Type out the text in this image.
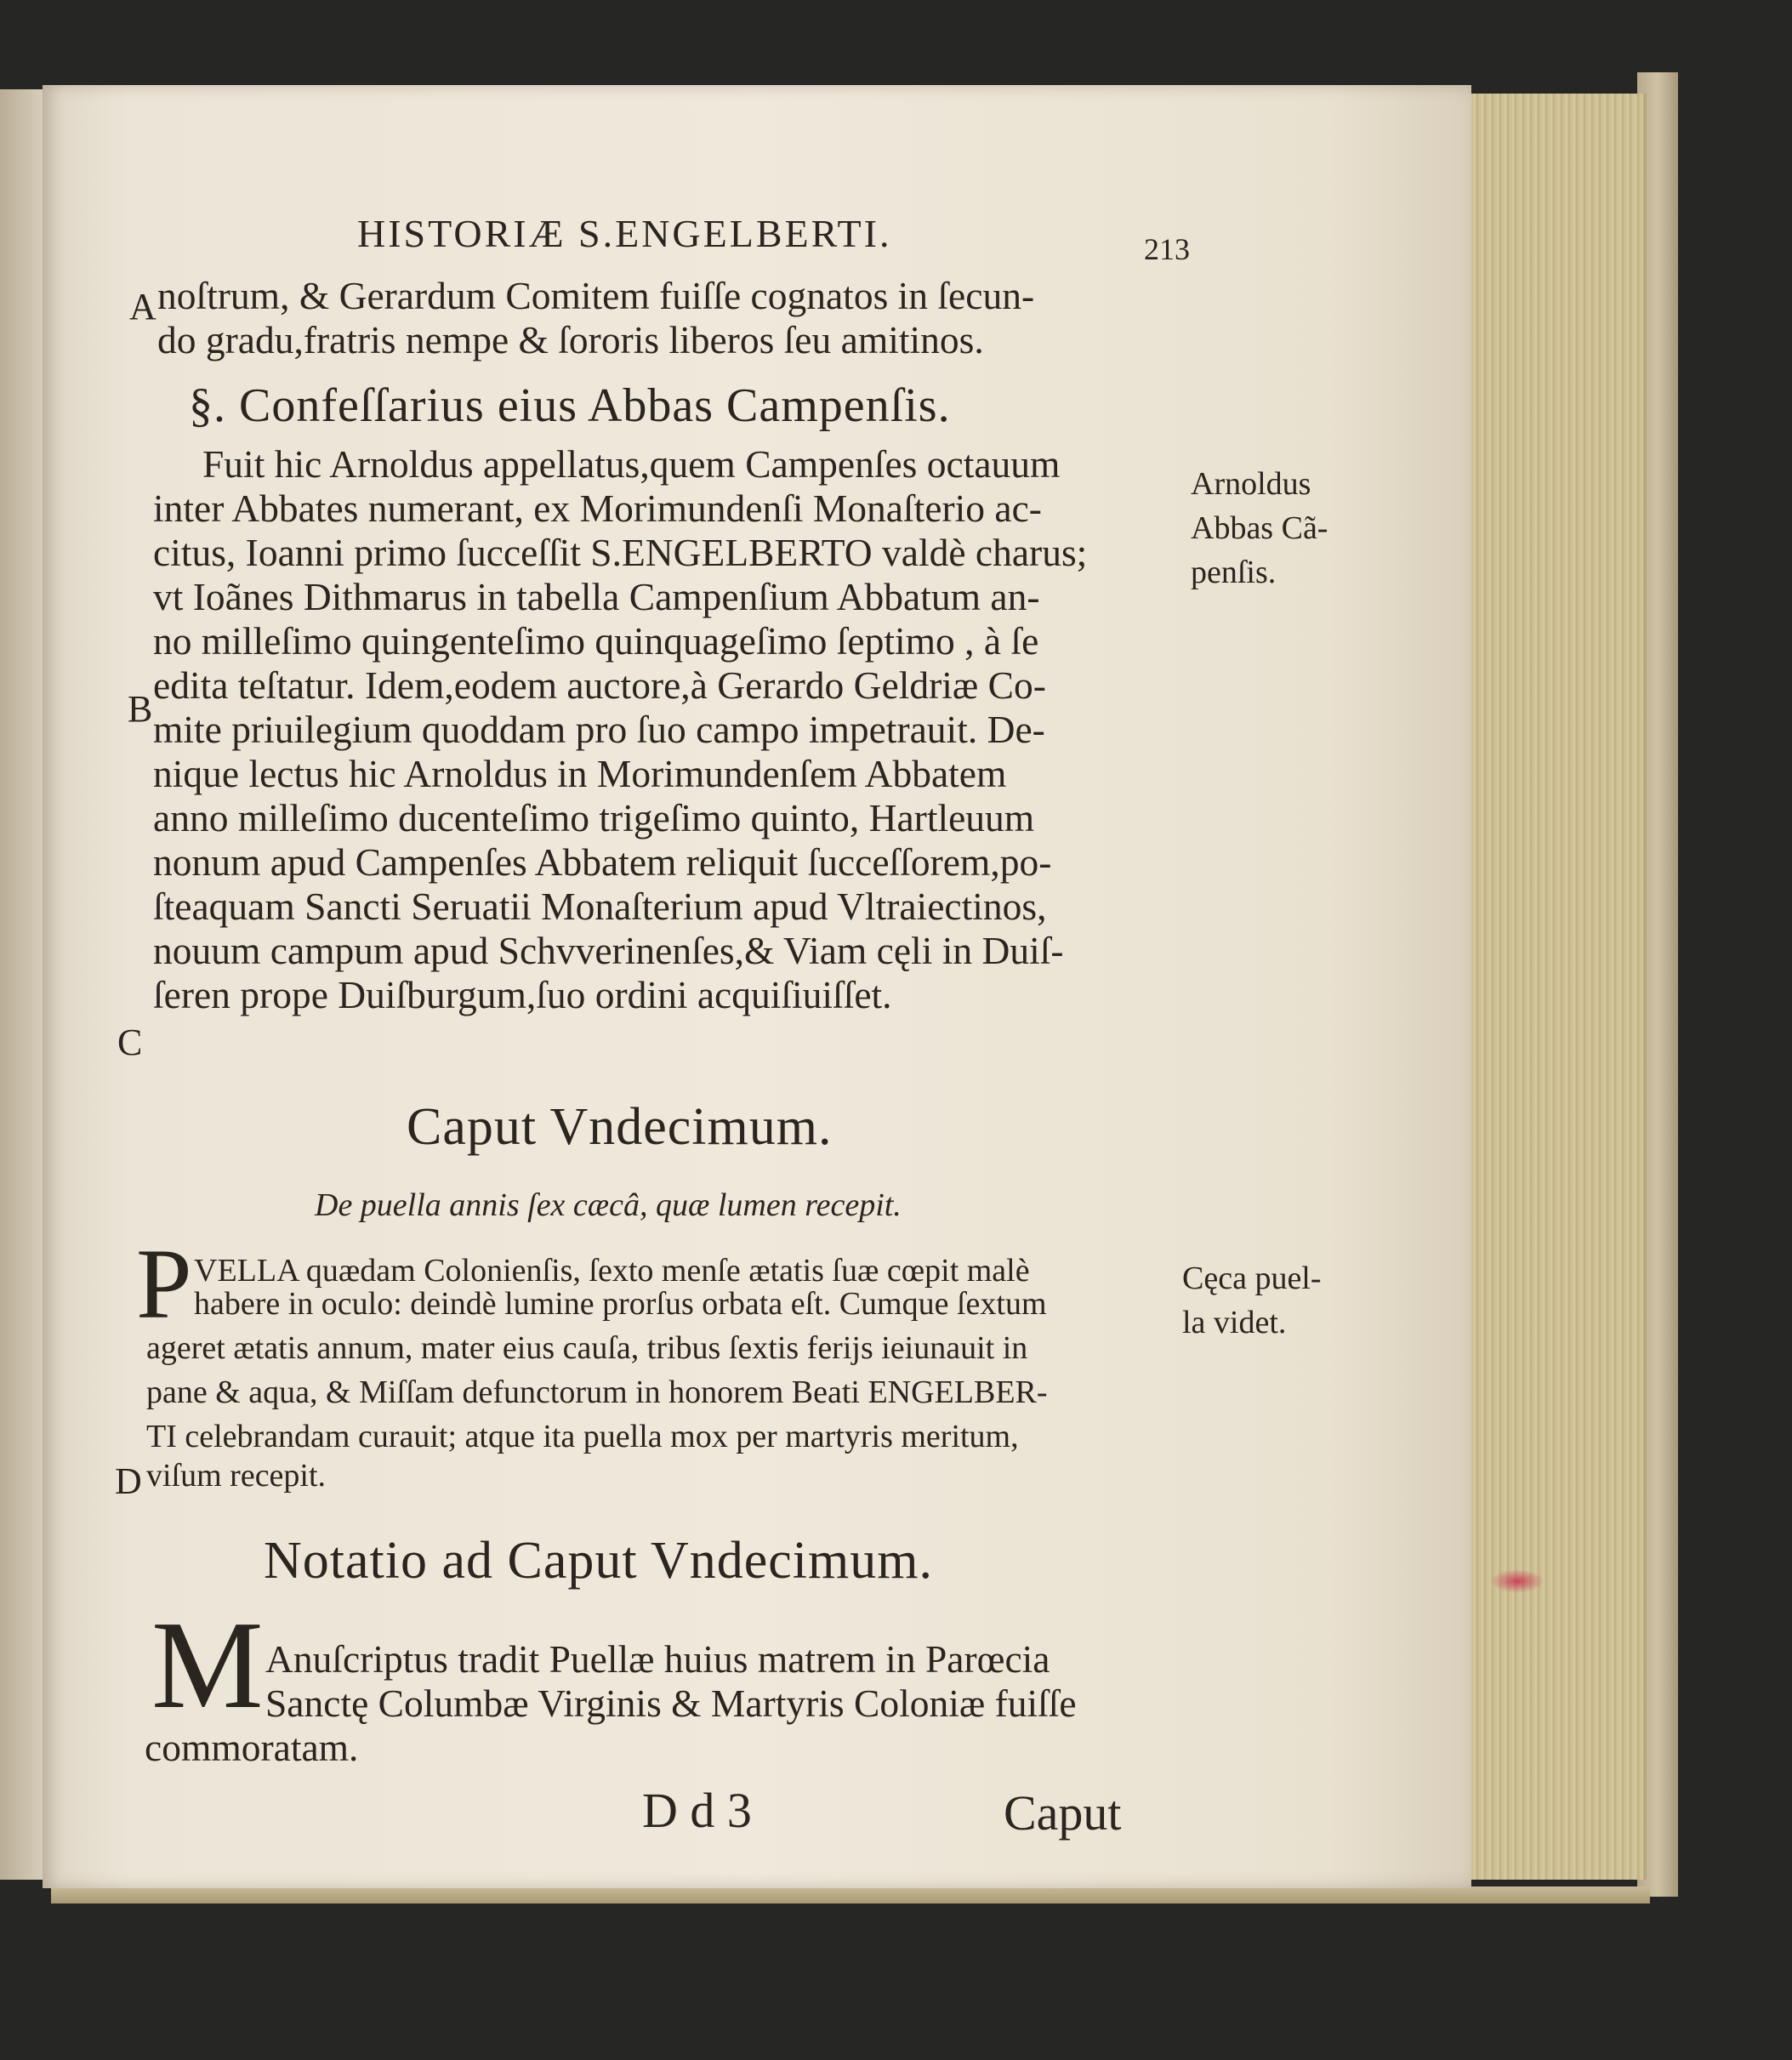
HISTORIÆ S.ENGELBERTI.	213
A noſtrum, & Gerardum Comitem fuiſſe cognatos in ſecun-
do gradu,fratris nempe & ſororis liberos ſeu amitinos.
§. Confeſſarius eius Abbas Campenſis.
Fuit hic Arnoldus appellatus,quem Campenſes octauum
inter Abbates numerant, ex Morimundenſi Monaſterio ac-
citus, Ioanni primo ſucceſſit S.ENGELBERTO valdè charus;
vt Ioãnes Dithmarus in tabella Campenſium Abbatum an-
no milleſimo quingenteſimo quinquageſimo ſeptimo , à ſe
B
edita teſtatur. Idem,eodem auctore,à Gerardo Geldriæ Co-
mite priuilegium quoddam pro ſuo campo impetrauit. De-
nique lectus hic Arnoldus in Morimundenſem Abbatem
anno milleſimo ducenteſimo trigeſimo quinto, Hartleuum
nonum apud Campenſes Abbatem reliquit ſucceſſorem,po-
ſteaquam Sancti Seruatii Monaſterium apud Vltraiectinos,
nouum campum apud Schvverinenſes,& Viam cęli in Duiſ-
C
ſeren prope Duiſburgum,ſuo ordini acquiſiuiſſet.
Arnoldus
Abbas Cã-
penſis.
Caput Vndecimum.
De puella annis ſex cæcâ, quæ lumen recepit.
P VELLA quædam Colonienſis, ſexto menſe ætatis ſuæ cœpit malè
habere in oculo: deindè lumine prorſus orbata eſt. Cumque ſextum
ageret ætatis annum, mater eius cauſa, tribus ſextis ferijs ieiunauit in
pane & aqua, & Miſſam defunctorum in honorem Beati ENGELBER-
TI celebrandam curauit; atque ita puella mox per martyris meritum,
D viſum recepit.
Cęca puel-
la videt.
Notatio ad Caput Vndecimum.
M Anuſcriptus tradit Puellæ huius matrem in Parœcia
Sanctę Columbæ Virginis & Martyris Coloniæ fuiſſe
commoratam.
D d 3	Caput
